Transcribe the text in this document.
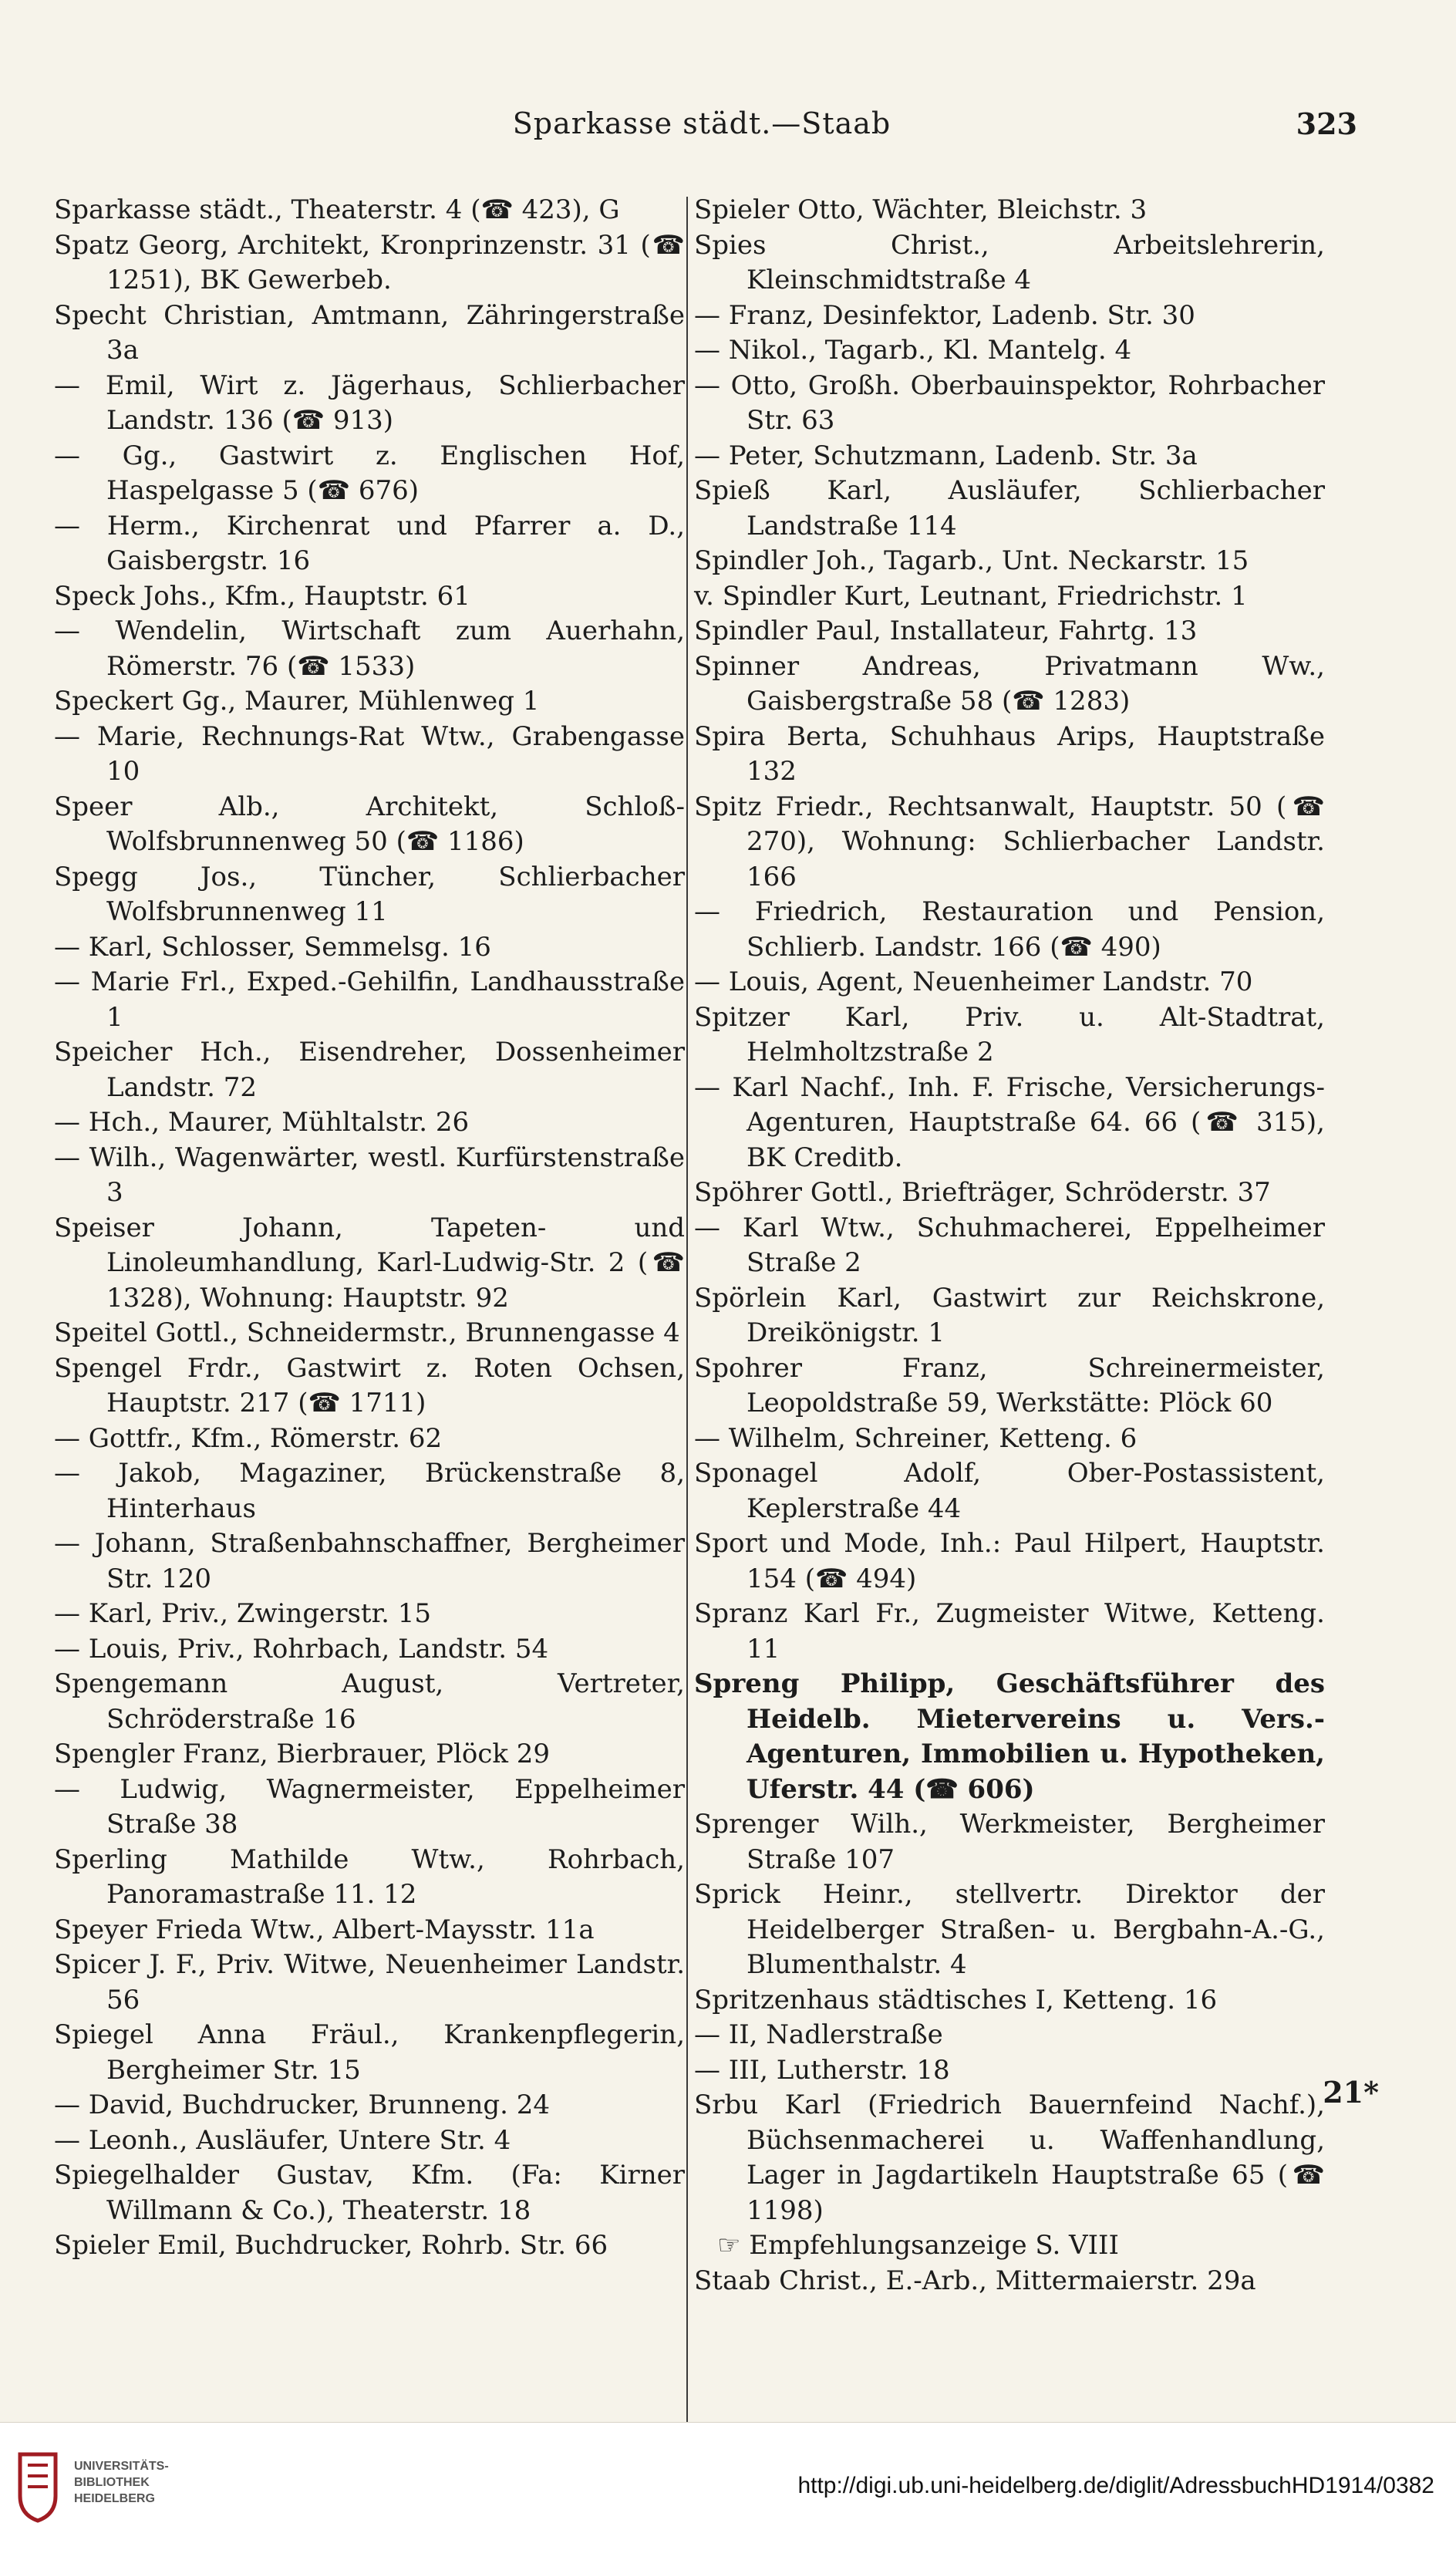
Sparkasse städt.—Staab	323

Sparkasse städt., Theaterstr. 4 (☎ 423), G

Spatz Georg, Architekt, Kronprinzenstr. 31 (☎ 1251), BK Gewerbeb.

Specht Christian, Amtmann, Zähringerstraße 3a

— Emil, Wirt z. Jägerhaus, Schlierbacher Landstr. 136 (☎ 913)

— Gg., Gastwirt z. Englischen Hof, Haspelgasse 5 (☎ 676)

— Herm., Kirchenrat und Pfarrer a. D., Gaisbergstr. 16

Speck Johs., Kfm., Hauptstr. 61

— Wendelin, Wirtschaft zum Auerhahn, Römerstr. 76 (☎ 1533)

Speckert Gg., Maurer, Mühlenweg 1

— Marie, Rechnungs-Rat Wtw., Grabengasse 10

Speer Alb., Architekt, Schloß-Wolfsbrunnenweg 50 (☎ 1186)

Spegg Jos., Tüncher, Schlierbacher Wolfsbrunnenweg 11

— Karl, Schlosser, Semmelsg. 16

— Marie Frl., Exped.-Gehilfin, Landhausstraße 1

Speicher Hch., Eisendreher, Dossenheimer Landstr. 72

— Hch., Maurer, Mühltalstr. 26

— Wilh., Wagenwärter, westl. Kurfürstenstraße 3

Speiser Johann, Tapeten- und Linoleumhandlung, Karl-Ludwig-Str. 2 (☎ 1328), Wohnung: Hauptstr. 92

Speitel Gottl., Schneidermstr., Brunnengasse 4

Spengel Frdr., Gastwirt z. Roten Ochsen, Hauptstr. 217 (☎ 1711)

— Gottfr., Kfm., Römerstr. 62

— Jakob, Magaziner, Brückenstraße 8, Hinterhaus

— Johann, Straßenbahnschaffner, Bergheimer Str. 120

— Karl, Priv., Zwingerstr. 15

— Louis, Priv., Rohrbach, Landstr. 54

Spengemann August, Vertreter, Schröderstraße 16

Spengler Franz, Bierbrauer, Plöck 29

— Ludwig, Wagnermeister, Eppelheimer Straße 38

Sperling Mathilde Wtw., Rohrbach, Panoramastraße 11. 12

Speyer Frieda Wtw., Albert-Maysstr. 11a

Spicer J. F., Priv. Witwe, Neuenheimer Landstr. 56

Spiegel Anna Fräul., Krankenpflegerin, Bergheimer Str. 15

— David, Buchdrucker, Brunneng. 24

— Leonh., Ausläufer, Untere Str. 4

Spiegelhalder Gustav, Kfm. (Fa: Kirner Willmann & Co.), Theaterstr. 18

Spieler Emil, Buchdrucker, Rohrb. Str. 66

Spieler Otto, Wächter, Bleichstr. 3

Spies Christ., Arbeitslehrerin, Kleinschmidtstraße 4

— Franz, Desinfektor, Ladenb. Str. 30

— Nikol., Tagarb., Kl. Mantelg. 4

— Otto, Großh. Oberbauinspektor, Rohrbacher Str. 63

— Peter, Schutzmann, Ladenb. Str. 3a

Spieß Karl, Ausläufer, Schlierbacher Landstraße 114

Spindler Joh., Tagarb., Unt. Neckarstr. 15

v. Spindler Kurt, Leutnant, Friedrichstr. 1

Spindler Paul, Installateur, Fahrtg. 13

Spinner Andreas, Privatmann Ww., Gaisbergstraße 58 (☎ 1283)

Spira Berta, Schuhhaus Arips, Hauptstraße 132

Spitz Friedr., Rechtsanwalt, Hauptstr. 50 (☎ 270), Wohnung: Schlierbacher Landstr. 166

— Friedrich, Restauration und Pension, Schlierb. Landstr. 166 (☎ 490)

— Louis, Agent, Neuenheimer Landstr. 70

Spitzer Karl, Priv. u. Alt-Stadtrat, Helmholtzstraße 2

— Karl Nachf., Inh. F. Frische, Versicherungs-Agenturen, Hauptstraße 64. 66 (☎ 315), BK Creditb.

Spöhrer Gottl., Briefträger, Schröderstr. 37

— Karl Wtw., Schuhmacherei, Eppelheimer Straße 2

Spörlein Karl, Gastwirt zur Reichskrone, Dreikönigstr. 1

Spohrer Franz, Schreinermeister, Leopoldstraße 59, Werkstätte: Plöck 60

— Wilhelm, Schreiner, Ketteng. 6

Sponagel Adolf, Ober-Postassistent, Keplerstraße 44

Sport und Mode, Inh.: Paul Hilpert, Hauptstr. 154 (☎ 494)

Spranz Karl Fr., Zugmeister Witwe, Ketteng. 11

Spreng Philipp, Geschäftsführer des Heidelb. Mietervereins u. Vers.-Agenturen, Immobilien u. Hypotheken, Uferstr. 44 (☎ 606)

Sprenger Wilh., Werkmeister, Bergheimer Straße 107

Sprick Heinr., stellvertr. Direktor der Heidelberger Straßen- u. Bergbahn-A.-G., Blumenthalstr. 4

Spritzenhaus städtisches I, Ketteng. 16

— II, Nadlerstraße

— III, Lutherstr. 18

Srbu Karl (Friedrich Bauernfeind Nachf.), Büchsenmacherei u. Waffenhandlung, Lager in Jagdartikeln Hauptstraße 65 (☎ 1198)

☞ Empfehlungsanzeige S. VIII

Staab Christ., E.-Arb., Mittermaierstr. 29a

21*
UNIVERSITÄTS-
BIBLIOTHEK
HEIDELBERG
http://digi.ub.uni-heidelberg.de/diglit/AdressbuchHD1914/0382
